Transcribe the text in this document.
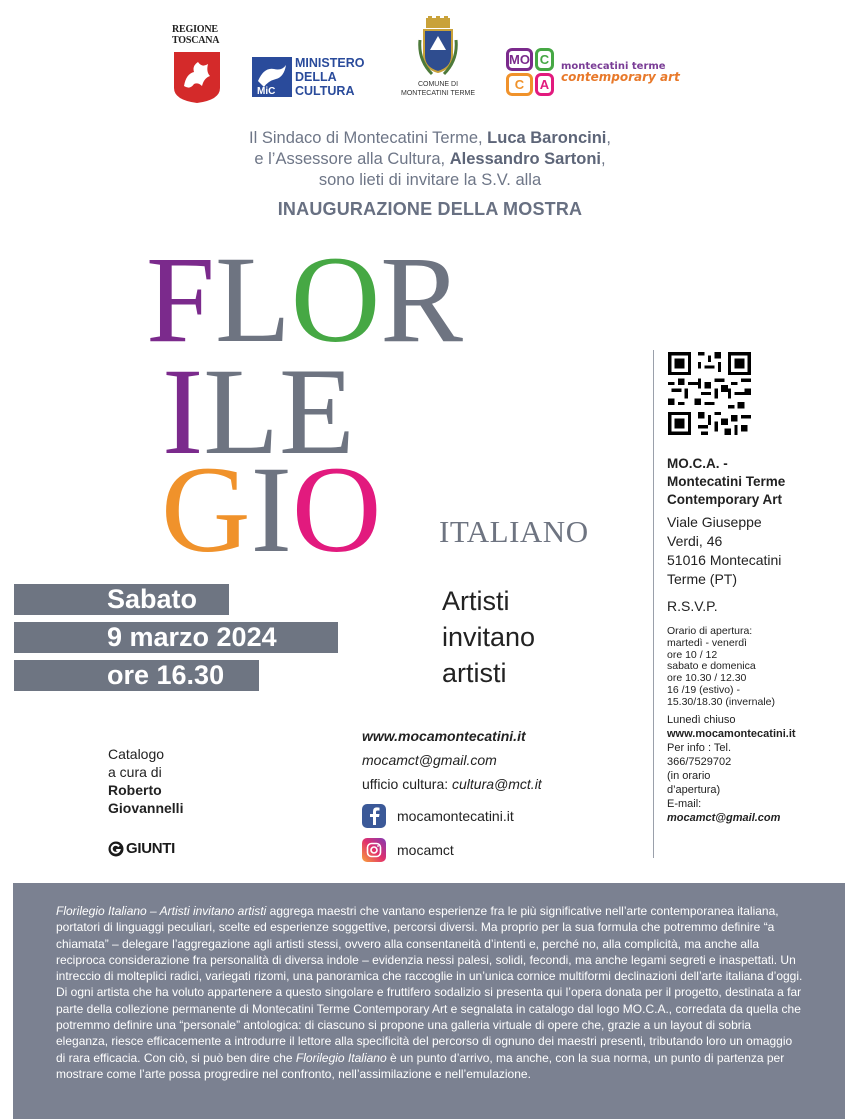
REGIONE
TOSCANA
MiC
MINISTERO
DELLA
CULTURA	COMUNE DI
MONTECATINI TERME
MO C
C	A
montecatini terme
contemporary art
Il Sindaco di Montecatini Terme, Luca Baroncini,
e l’Assessore alla Cultura, Alessandro Sartoni,
sono lieti di invitare la S.V. alla
INAUGURAZIONE DELLA MOSTRA
FLOR
ILE
GIO ITALIANO
Sabato
9 marzo 2024
ore 16.30
Artisti
invitano
artisti
Catalogo
a cura di
Roberto
Giovannelli
GIUNTI
www.mocamontecatini.it
mocamct@gmail.com
ufficio cultura: cultura@mct.it
mocamontecatini.it
mocamct
MO.C.A. -
Montecatini Terme
Contemporary Art
Viale Giuseppe
Verdi, 46
51016 Montecatini
Terme (PT)
R.S.V.P.
Orario di apertura:
martedì - venerdì
ore 10 / 12
sabato e domenica
ore 10.30 / 12.30
16 /19 (estivo) -
15.30/18.30 (invernale)
Lunedì chiuso
www.mocamontecatini.it
Per info : Tel.
366/7529702
(in orario
d’apertura)
E-mail:
mocamct@gmail.com
Florilegio Italiano – Artisti invitano artisti aggrega maestri che vantano esperienze fra le più significative nell’arte contemporanea italiana, portatori di linguaggi peculiari, scelte ed esperienze soggettive, percorsi diversi. Ma proprio per la sua formula che potremmo definire “a chiamata” – delegare l’aggregazione agli artisti stessi, ovvero alla consentaneità d’intenti e, perché no, alla complicità, ma anche alla reciproca considerazione fra personalità di diversa indole – evidenzia nessi palesi, solidi, fecondi, ma anche legami segreti e inaspettati. Un intreccio di molteplici radici, variegati rizomi, una panoramica che raccoglie in un’unica cornice multiformi declinazioni dell’arte italiana d’oggi. Di ogni artista che ha voluto appartenere a questo singolare e fruttifero sodalizio si presenta qui l’opera donata per il progetto, destinata a far parte della collezione permanente di Montecatini Terme Contemporary Art e segnalata in catalogo dal logo MO.C.A., corredata da quella che potremmo definire una “personale” antologica: di ciascuno si propone una galleria virtuale di opere che, grazie a un layout di sobria eleganza, riesce efficacemente a introdurre il lettore alla specificità del percorso di ognuno dei maestri presenti, tributando loro un omaggio di rara efficacia. Con ciò, si può ben dire che Florilegio Italiano è un punto d’arrivo, ma anche, con la sua norma, un punto di partenza per mostrare come l’arte possa progredire nel confronto, nell’assimilazione e nell’emulazione.
